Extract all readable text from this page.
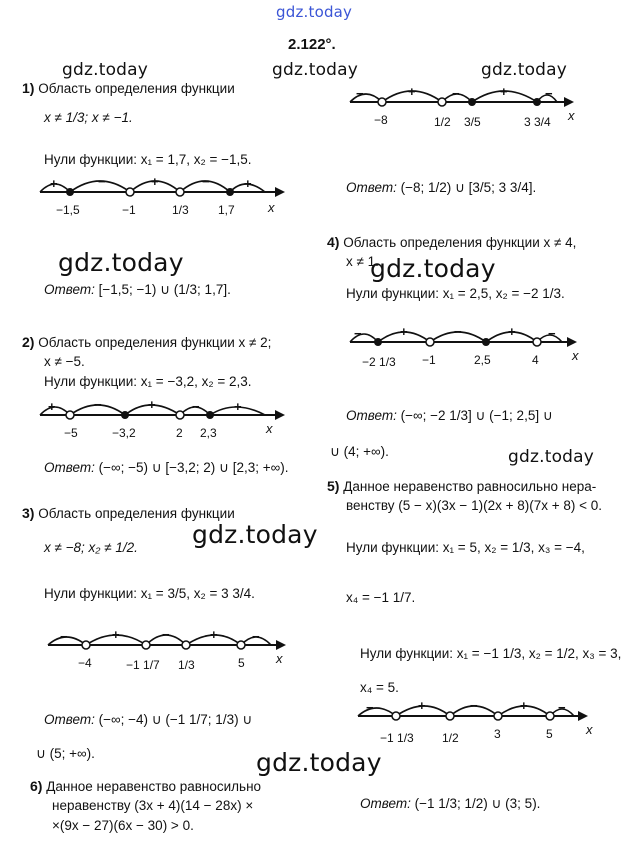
gdz.today
2.122°.
gdz.today	gdz.today	gdz.today
1) Область определения функции
x ≠ 1/3; x ≠ −1.
Нули функции: x₁ = 1,7, x₂ = −1,5.
+	−	+	−	+
−1,5	−1	1/3 1,7	x
gdz.today
Ответ: [−1,5; −1) ∪ (1/3; 1,7].
2) Область определения функции x ≠ 2;
x ≠ −5.
Нули функции: x₁ = −3,2, x₂ = 2,3.
+	−	+	−	+
−5	−3,2	2 2,3	x
Ответ: (−∞; −5) ∪ [−3,2; 2) ∪ [2,3; +∞).
3) Область определения функции
gdz.today
x ≠ −8; x₂ ≠ 1/2.
Нули функции: x₁ = 3/5, x₂ = 3 3/4.
−	+	−	+	−
−4	−1 1/7 1/3	5 x
Ответ: (−∞; −4) ∪ (−1 1/7; 1/3) ∪
∪ (5; +∞).	gdz.today
6) Данное неравенство равносильно
неравенству (3x + 4)(14 − 28x) ×
×(9x − 27)(6x − 30) > 0.
−	+	−	+	−
−8	1/2 3/5	3 3/4 x
Ответ: (−8; 1/2) ∪ [3/5; 3 3/4].
4) Область определения функции x ≠ 4,
x ≠ 1.
gdz.today
Нули функции: x₁ = 2,5, x₂ = −2 1/3.
−	+	−	+ −
−2 1/3 −1	2,5	4	x
Ответ: (−∞; −2 1/3] ∪ (−1; 2,5] ∪
∪ (4; +∞).	gdz.today
5) Данное неравенство равносильно нера-
венству (5 − x)(3x − 1)(2x + 8)(7x + 8) < 0.
Нули функции: x₁ = 5, x₂ = 1/3, x₃ = −4,
x₄ = −1 1/7.
Нули функции: x₁ = −1 1/3, x₂ = 1/2, x₃ = 3,
x₄ = 5.
−	+	−	+ −
−1 1/3 1/2	3	5	x
Ответ: (−1 1/3; 1/2) ∪ (3; 5).
